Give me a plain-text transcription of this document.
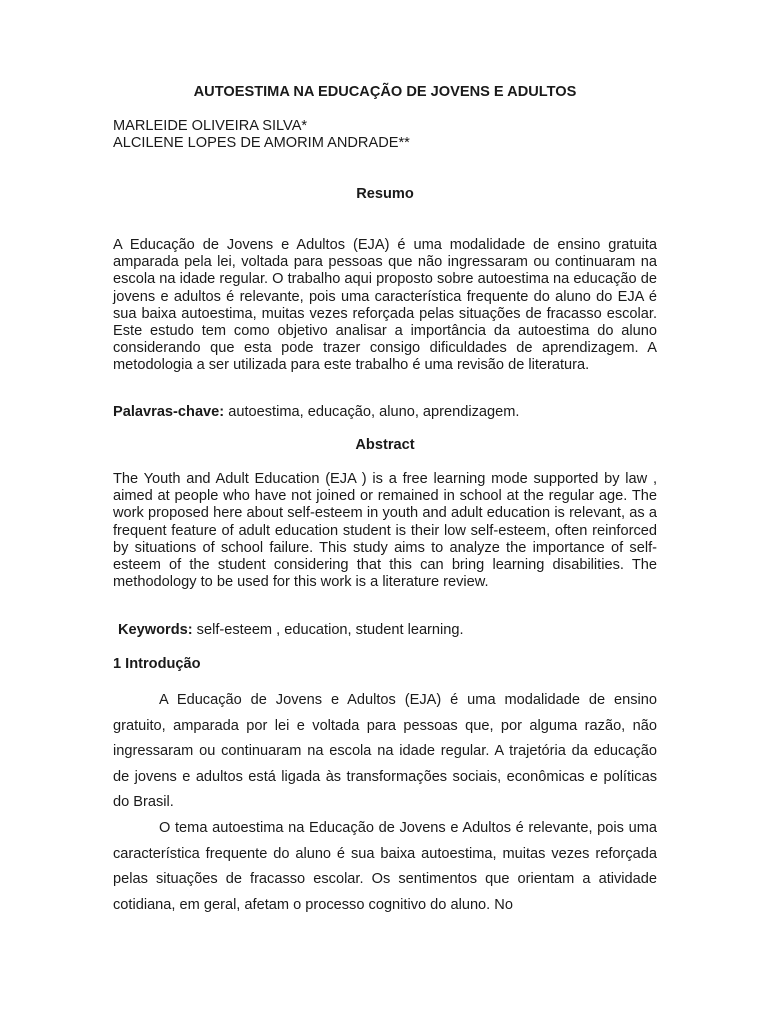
AUTOESTIMA NA EDUCAÇÃO DE JOVENS E ADULTOS
MARLEIDE OLIVEIRA SILVA*
ALCILENE LOPES DE AMORIM ANDRADE**
Resumo
A Educação de Jovens e Adultos (EJA) é uma modalidade de ensino gratuita amparada pela lei, voltada para pessoas que não ingressaram ou continuaram na escola na idade regular. O trabalho aqui proposto sobre autoestima na educação de jovens e adultos é relevante, pois uma característica frequente do aluno do EJA é sua baixa autoestima, muitas vezes reforçada pelas situações de fracasso escolar. Este estudo tem como objetivo analisar a importância da autoestima do aluno considerando que esta pode trazer consigo dificuldades de aprendizagem. A metodologia a ser utilizada para este trabalho é uma revisão de literatura.
Palavras-chave: autoestima, educação, aluno, aprendizagem.
Abstract
The Youth and Adult Education (EJA ) is a free learning mode supported by law , aimed at people who have not joined or remained in school at the regular age. The work proposed here about self-esteem in youth and adult education is relevant, as a frequent feature of adult education student is their low self-esteem, often reinforced by situations of school failure. This study aims to analyze the importance of self-esteem of the student considering that this can bring learning disabilities. The methodology to be used for this work is a literature review.
Keywords: self-esteem , education, student learning.
1 Introdução

A Educação de Jovens e Adultos (EJA) é uma modalidade de ensino gratuito, amparada por lei e voltada para pessoas que, por alguma razão, não ingressaram ou continuaram na escola na idade regular. A trajetória da educação de jovens e adultos está ligada às transformações sociais, econômicas e políticas do Brasil.

O tema autoestima na Educação de Jovens e Adultos é relevante, pois uma característica frequente do aluno é sua baixa autoestima, muitas vezes reforçada pelas situações de fracasso escolar. Os sentimentos que orientam a atividade cotidiana, em geral, afetam o processo cognitivo do aluno. No
